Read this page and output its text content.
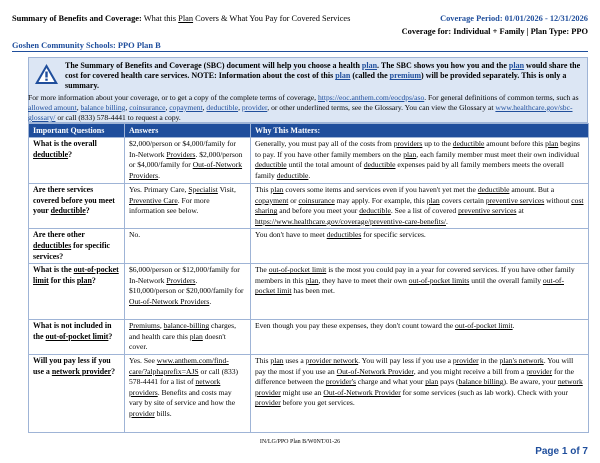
Summary of Benefits and Coverage: What this Plan Covers & What You Pay for Covered Services	Coverage Period: 01/01/2026 - 12/31/2026
Coverage for: Individual + Family | Plan Type: PPO
Goshen Community Schools: PPO Plan B
The Summary of Benefits and Coverage (SBC) document will help you choose a health plan. The SBC shows you how you and the plan would share the cost for covered health care services. NOTE: Information about the cost of this plan (called the premium) will be provided separately. This is only a summary.
For more information about your coverage, or to get a copy of the complete terms of coverage, https://eoc.anthem.com/eocdps/aso. For general definitions of common terms, such as allowed amount, balance billing, coinsurance, copayment, deductible, provider, or other underlined terms, see the Glossary. You can view the Glossary at www.healthcare.gov/sbc-glossary/ or call (833) 578-4441 to request a copy.
Important Questions	Answers	Why This Matters:
What is the overall deductible?	$2,000/person or $4,000/family for In-Network Providers. $2,000/person or $4,000/family for Out-of-Network Providers.	Generally, you must pay all of the costs from providers up to the deductible amount before this plan begins to pay. If you have other family members on the plan, each family member must meet their own individual deductible until the total amount of deductible expenses paid by all family members meets the overall family deductible.
Are there services covered before you meet your deductible?	Yes. Primary Care, Specialist Visit, Preventive Care. For more information see below.	This plan covers some items and services even if you haven't yet met the deductible amount. But a copayment or coinsurance may apply. For example, this plan covers certain preventive services without cost sharing and before you meet your deductible. See a list of covered preventive services at https://www.healthcare.gov/coverage/preventive-care-benefits/.
Are there other deductibles for specific services?	No.	You don't have to meet deductibles for specific services.
What is the out-of-pocket limit for this plan?	$6,000/person or $12,000/family for In-Network Providers. $10,000/person or $20,000/family for Out-of-Network Providers.	The out-of-pocket limit is the most you could pay in a year for covered services. If you have other family members in this plan, they have to meet their own out-of-pocket limits until the overall family out-of-pocket limit has been met.
What is not included in the out-of-pocket limit?	Premiums, balance-billing charges, and health care this plan doesn't cover.	Even though you pay these expenses, they don't count toward the out-of-pocket limit.
Will you pay less if you use a network provider?	Yes. See www.anthem.com/find-care/?alphaprefix=AJS or call (833) 578-4441 for a list of network providers. Benefits and costs may vary by site of service and how the provider bills.	This plan uses a provider network. You will pay less if you use a provider in the plan's network. You will pay the most if you use an Out-of-Network Provider, and you might receive a bill from a provider for the difference between the provider's charge and what your plan pays (balance billing). Be aware, your network provider might use an Out-of-Network Provider for some services (such as lab work). Check with your provider before you get services.
IN/LG/PPO Plan B/W0NT/01-26
Page 1 of 7
